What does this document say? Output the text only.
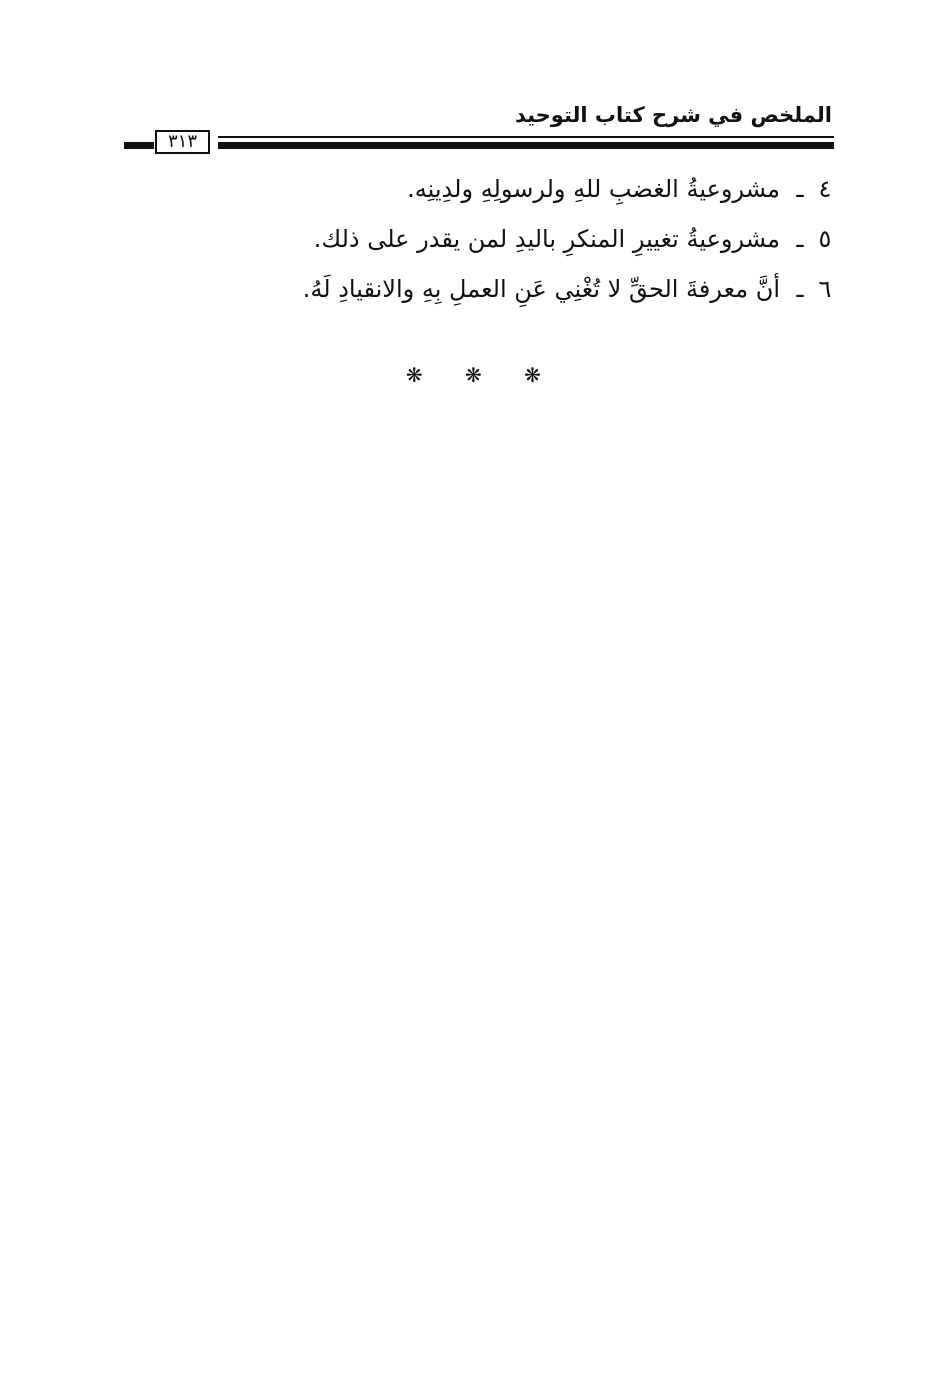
الملخص في شرح كتاب التوحيد
٣١٣
٤
ـ
مشروعيةُ الغضبِ للهِ ولرسولِهِ ولدِينِه.
٥
ـ
مشروعيةُ تغييرِ المنكرِ باليدِ لمن يقدر على ذلك.
٦
ـ
أنَّ معرفةَ الحقِّ لا تُغْنِي عَنِ العملِ بِهِ والانقيادِ لَهُ.
❋ ❋ ❋
